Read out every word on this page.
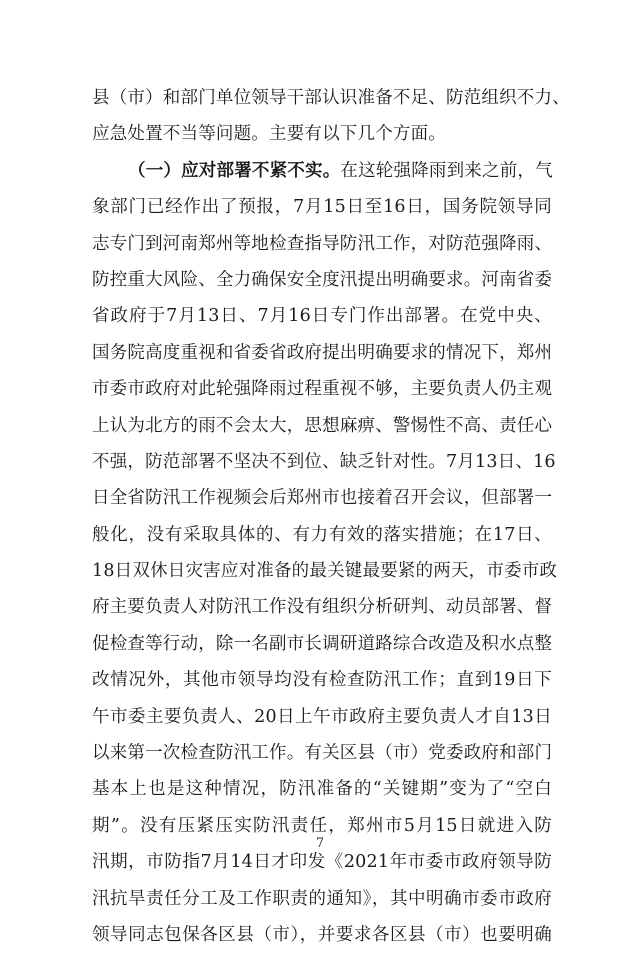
县（市）和部门单位领导干部认识准备不足、防范组织不力、
应急处置不当等问题。主要有以下几个方面。
（一）应对部署不紧不实。在这轮强降雨到来之前，气
象部门已经作出了预报，7月15日至16日，国务院领导同
志专门到河南郑州等地检查指导防汛工作，对防范强降雨、
防控重大风险、全力确保安全度汛提出明确要求。河南省委
省政府于7月13日、7月16日专门作出部署。在党中央、
国务院高度重视和省委省政府提出明确要求的情况下，郑州
市委市政府对此轮强降雨过程重视不够，主要负责人仍主观
上认为北方的雨不会太大，思想麻痹、警惕性不高、责任心
不强，防范部署不坚决不到位、缺乏针对性。7月13日、16
日全省防汛工作视频会后郑州市也接着召开会议，但部署一
般化，没有采取具体的、有力有效的落实措施；在17日、
18日双休日灾害应对准备的最关键最要紧的两天，市委市政
府主要负责人对防汛工作没有组织分析研判、动员部署、督
促检查等行动，除一名副市长调研道路综合改造及积水点整
改情况外，其他市领导均没有检查防汛工作；直到19日下
午市委主要负责人、20日上午市政府主要负责人才自13日
以来第一次检查防汛工作。有关区县（市）党委政府和部门
基本上也是这种情况，防汛准备的“关键期”变为了“空白
期”。没有压紧压实防汛责任，郑州市5月15日就进入防
汛期，市防指7月14日才印发《2021年市委市政府领导防
汛抗旱责任分工及工作职责的通知》，其中明确市委市政府
领导同志包保各区县（市），并要求各区县（市）也要明确
7
